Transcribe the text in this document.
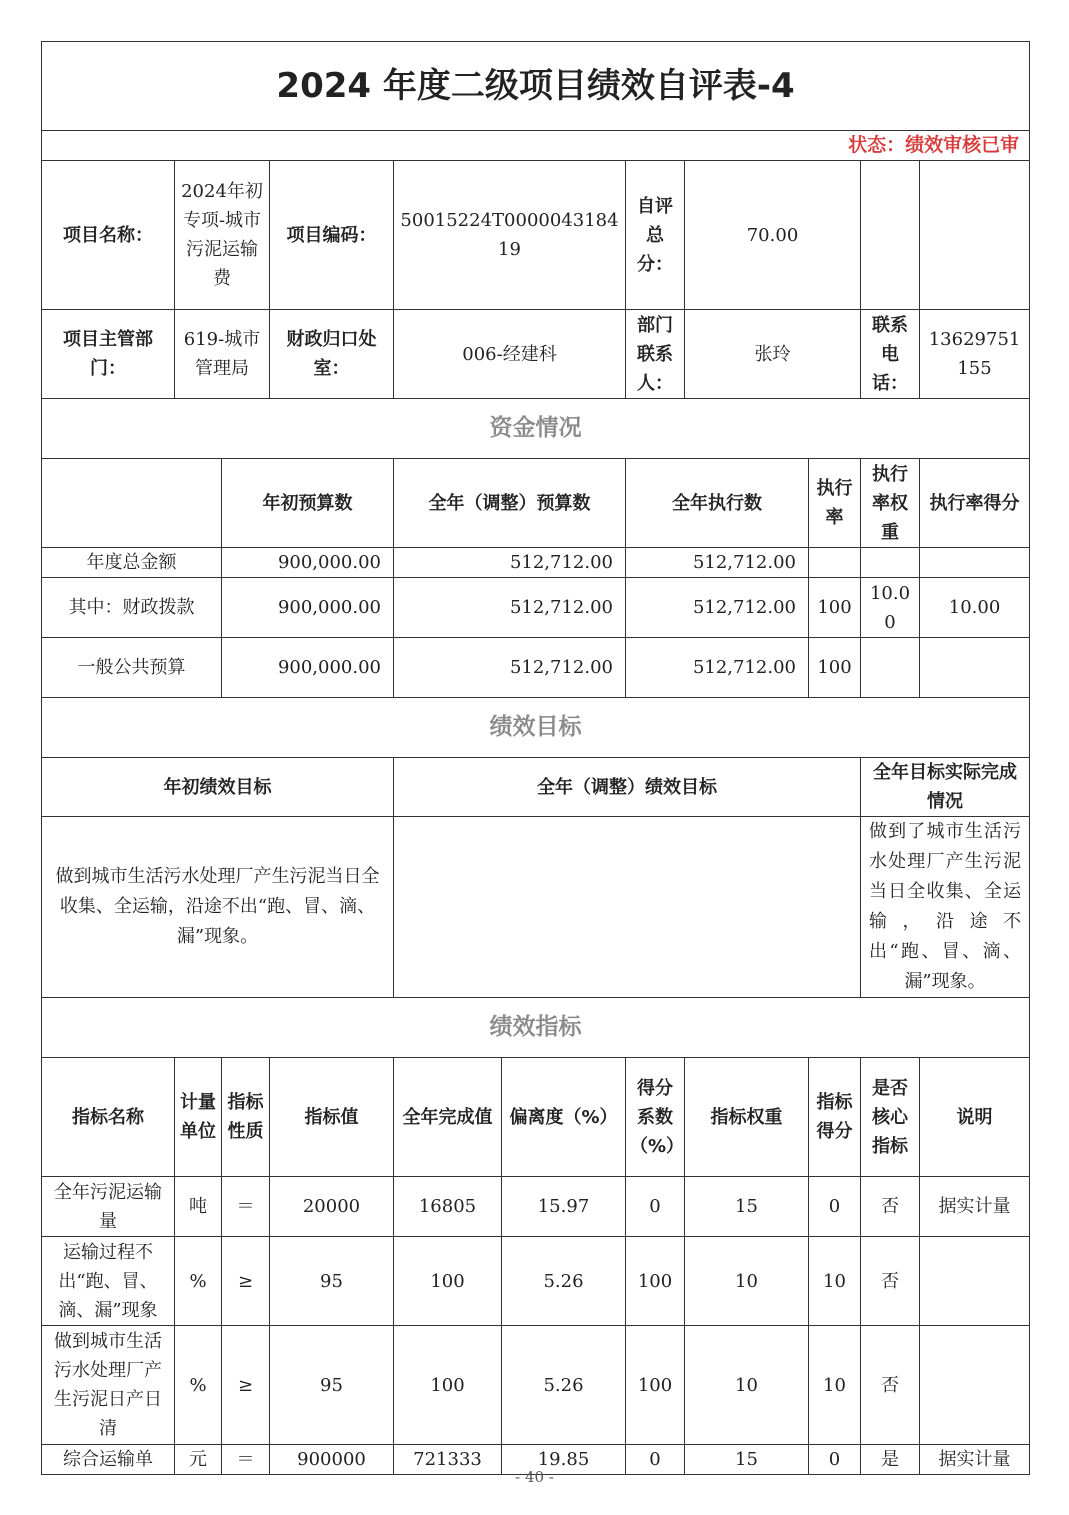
2024 年度二级项目绩效自评表-4										
状态：绩效审核已审										
项目名称：	2024年初专项-城市污泥运输费		项目编码：	50015224T000004318419		自评总分：	70.00			
项目主管部门：	619-城市管理局		财政归口处室：	006-经建科		部门联系人：	张玲		联系电话：	13629751155
资金情况										
		年初预算数		全年（调整）预算数		全年执行数		执行率	执行率权重	执行率得分
年度总金额		900,000.00		512,712.00		512,712.00				
其中：财政拨款		900,000.00		512,712.00		512,712.00		100	10.00	10.00
一般公共预算		900,000.00		512,712.00		512,712.00		100		
绩效目标										
年初绩效目标				全年（调整）绩效目标					全年目标实际完成情况	
做到城市生活污水处理厂产生污泥当日全收集、全运输，沿途不出“跑、冒、滴、漏”现象。									做到了城市生活污水处理厂产生污泥当日全收集、全运输，沿途不出“跑、冒、滴、漏”现象。	
绩效指标										
指标名称	计量单位	指标性质	指标值	全年完成值	偏离度（%）	得分系数（%）	指标权重	指标得分	是否核心指标	说明
全年污泥运输量	吨	＝	20000	16805	15.97	0	15	0	否	据实计量
运输过程不出“跑、冒、滴、漏”现象	%	≥	95	100	5.26	100	10	10	否	
做到城市生活污水处理厂产生污泥日产日清	%	≥	95	100	5.26	100	10	10	否	
综合运输单	元	＝	900000	721333	19.85	0	15	0	是	据实计量
- 40 -
